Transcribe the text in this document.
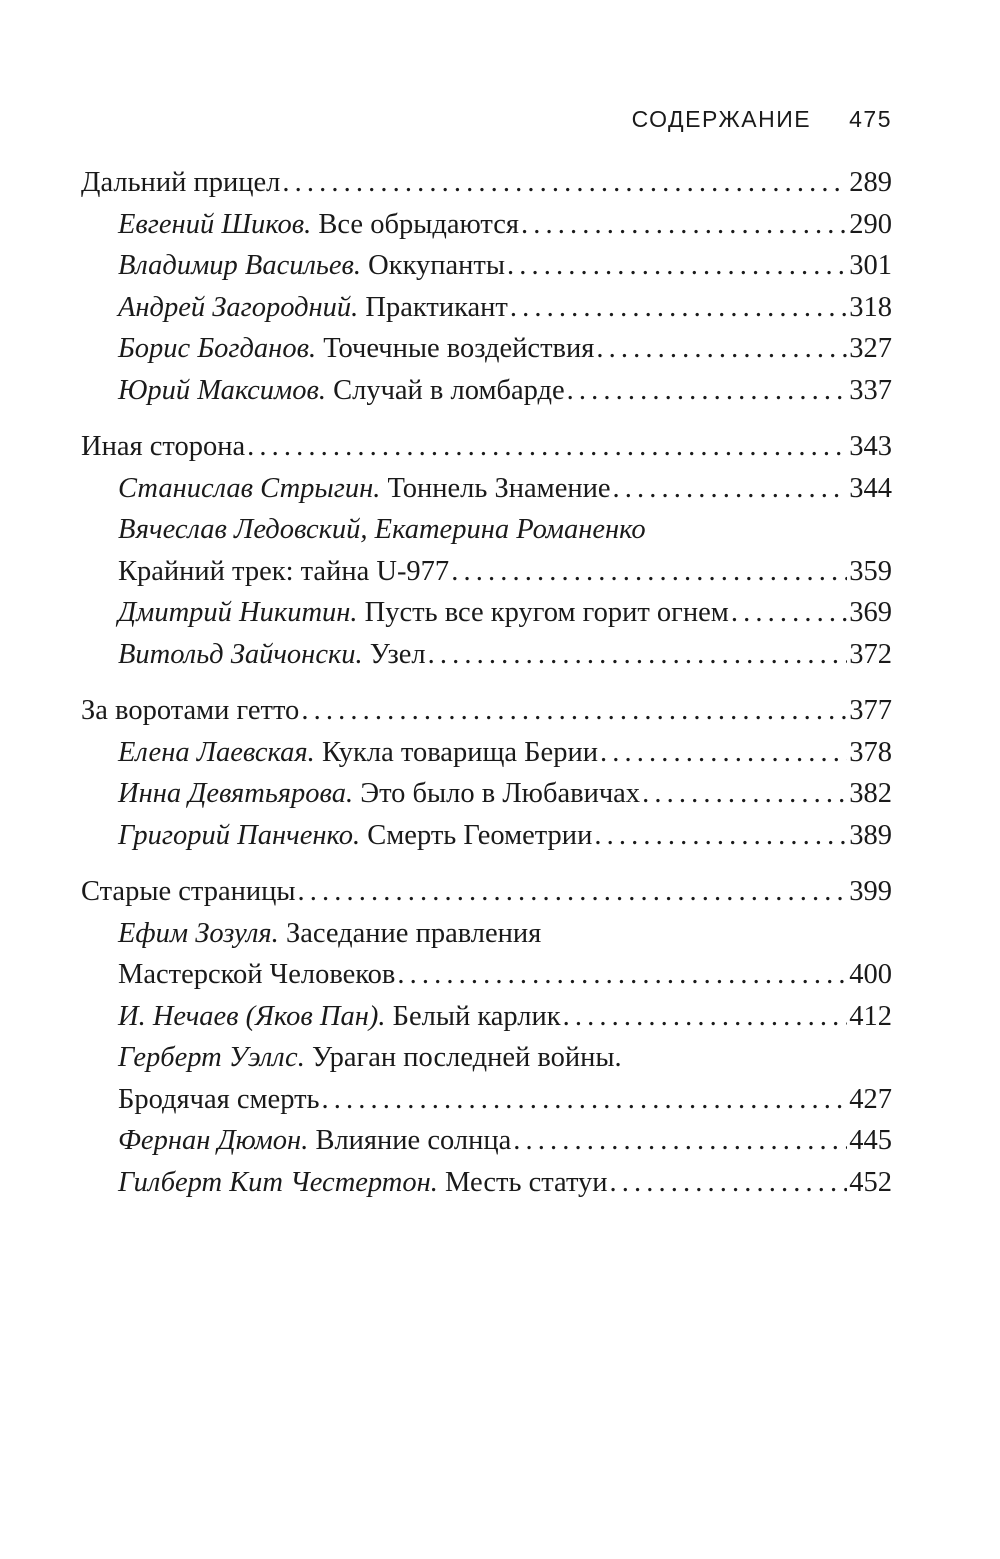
СОДЕРЖАНИЕ 475
Дальний прицел . . .	289
Евгений Шиков. Все обрыдаются . . .	290
Владимир Васильев. Оккупанты . . .	301
Андрей Загородний. Практикант . . .	318
Борис Богданов. Точечные воздействия . . .	327
Юрий Максимов. Случай в ломбарде . . .	337
Иная сторона . . .	343
Станислав Стрыгин. Тоннель Знамение . . .	344
Вячеслав Ледовский, Екатерина Романенко
Крайний трек: тайна U-977 . . .	359
Дмитрий Никитин. Пусть все кругом горит огнем . . .	369
Витольд Зайчонски. Узел . . .	372
За воротами гетто . . .	377
Елена Лаевская. Кукла товарища Берии . . .	378
Инна Девятьярова. Это было в Любавичах . . .	382
Григорий Панченко. Смерть Геометрии . . .	389
Старые страницы . . .	399
Ефим Зозуля. Заседание правления
Мастерской Человеков . . .	400
И. Нечаев (Яков Пан). Белый карлик . . .	412
Герберт Уэллс. Ураган последней войны.
Бродячая смерть . . .	427
Фернан Дюмон. Влияние солнца . . .	445
Гилберт Кит Честертон. Месть статуи . . .	452
